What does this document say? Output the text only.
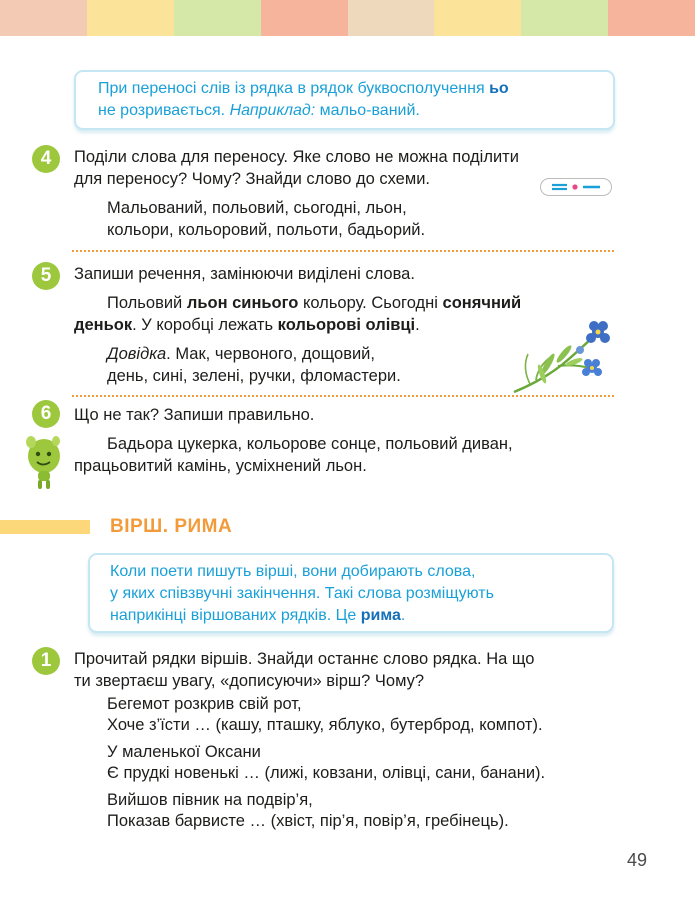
При переносі слів із рядка в рядок буквосполучення ьо

не розривається. Наприклад: мальо-ваний.

4	Поділи слова для переносу. Яке слово не можна поділити

для переносу? Чому? Знайди слово до схеми.

Мальований, польовий, сьогодні, льон,

кольори, кольоровий, польоти, бадьорий.

5	Запиши речення, замінюючи виділені слова.

Польовий льон синього кольору. Сьогодні сонячний

деньок. У коробці лежать кольорові олівці.

Довідка. Мак, червоного, дощовий,

день, сині, зелені, ручки, фломастери.

6	Що не так? Запиши правильно.

Бадьора цукерка, кольорове сонце, польовий диван,

працьовитий камінь, усміхнений льон.

ВІРШ. РИМА

Коли поети пишуть вірші, вони добирають слова,

у яких співзвучні закінчення. Такі слова розміщують

наприкінці віршованих рядків. Це рима.

1	Прочитай рядки віршів. Знайди останнє слово рядка. На що

ти звертаєш увагу, «дописуючи» вірш? Чому?

Бегемот розкрив свій рот,

Хоче з’їсти … (кашу, пташку, яблуко, бутерброд, компот).

У маленької Оксани

Є прудкі новенькі … (лижі, ковзани, олівці, сани, банани).

Вийшов півник на подвір’я,

Показав барвисте … (хвіст, пір’я, повір’я, гребінець).

49
